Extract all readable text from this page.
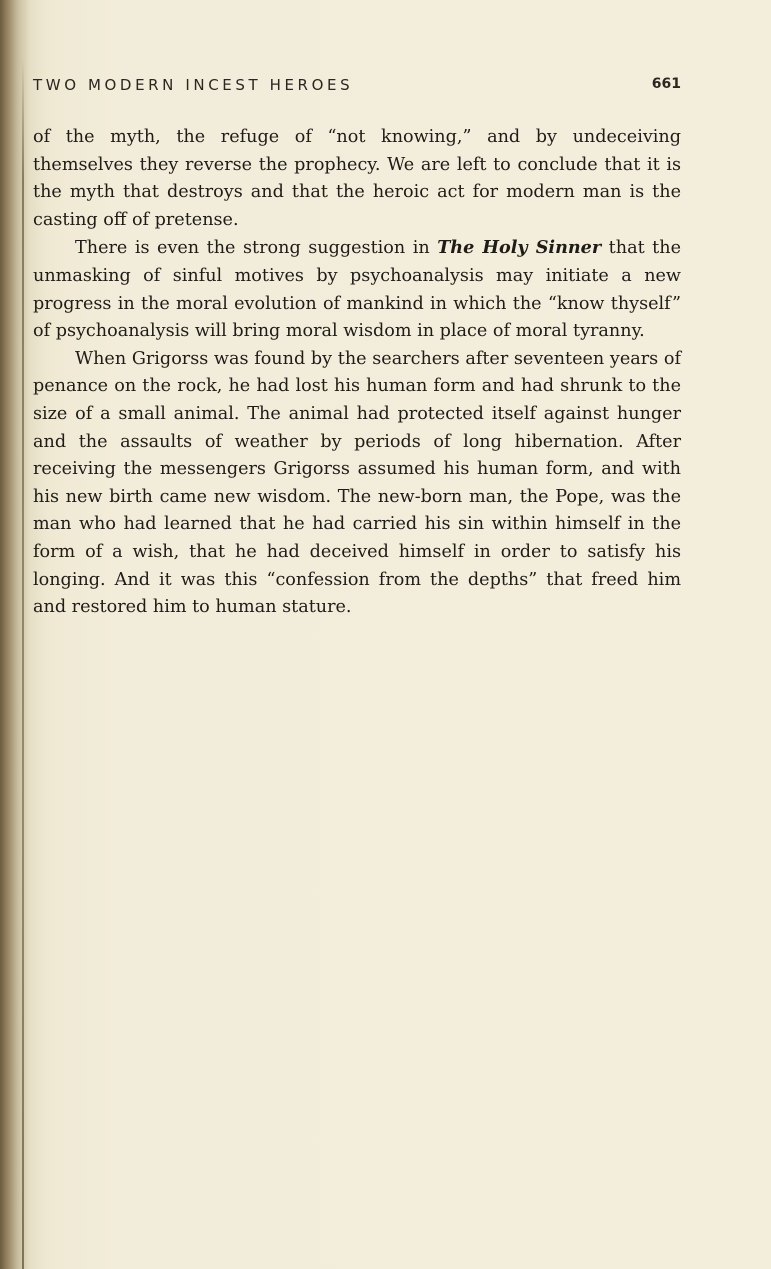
TWO MODERN INCEST HEROES	661

of the myth, the refuge of “not knowing,” and by undeceiving themselves they reverse the prophecy. We are left to conclude that it is the myth that destroys and that the heroic act for modern man is the casting off of pretense.

There is even the strong suggestion in The Holy Sinner that the unmasking of sinful motives by psychoanalysis may initiate a new progress in the moral evolution of mankind in which the “know thyself” of psychoanalysis will bring moral wisdom in place of moral tyranny.

When Grigorss was found by the searchers after seventeen years of penance on the rock, he had lost his human form and had shrunk to the size of a small animal. The animal had protected itself against hunger and the assaults of weather by periods of long hibernation. After receiving the messengers Grigorss assumed his human form, and with his new birth came new wisdom. The new-born man, the Pope, was the man who had learned that he had carried his sin within himself in the form of a wish, that he had deceived himself in order to satisfy his longing. And it was this “confession from the depths” that freed him and restored him to human stature.
